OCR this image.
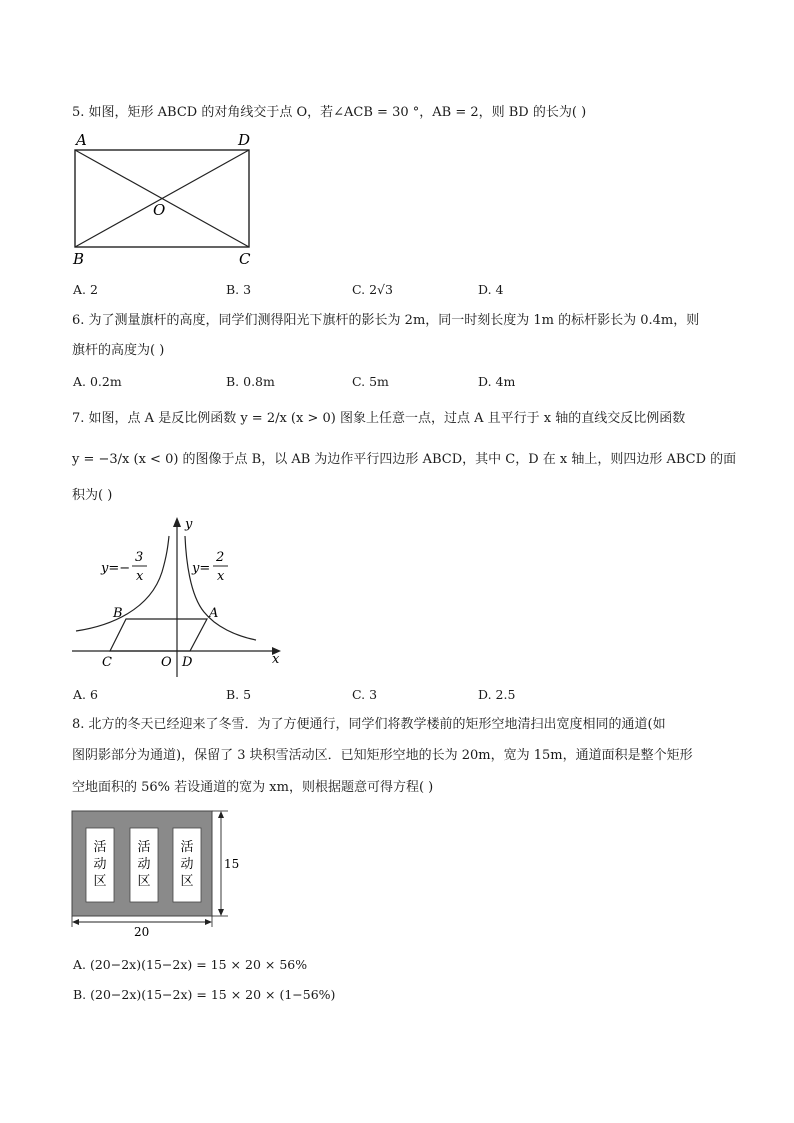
5. 如图，矩形 ABCD 的对角线交于点 O，若∠ACB = 30 °，AB = 2，则 BD 的长为( )
A	D
O
B	C
A. 2	B. 3	C. 2√3	D. 4
6. 为了测量旗杆的高度，同学们测得阳光下旗杆的影长为 2m，同一时刻长度为 1m 的标杆影长为 0.4m，则
旗杆的高度为( )
A. 0.2m	B. 0.8m	C. 5m	D. 4m
7. 如图，点 A 是反比例函数 y = 2/x (x > 0) 图象上任意一点，过点 A 且平行于 x 轴的直线交反比例函数
y = −3/x (x < 0) 的图像于点 B，以 AB 为边作平行四边形 ABCD，其中 C，D 在 x 轴上，则四边形 ABCD 的面
积为( )
y
x
y=−
3
x
y=
2
x
B	A
C	O D
A. 6	B. 5	C. 3	D. 2.5
8. 北方的冬天已经迎来了冬雪．为了方便通行，同学们将教学楼前的矩形空地清扫出宽度相同的通道(如
图阴影部分为通道)，保留了 3 块积雪活动区．已知矩形空地的长为 20m，宽为 15m，通道面积是整个矩形
空地面积的 56% 若设通道的宽为 xm，则根据题意可得方程( )
活
动
区
活
动
区
活
动
区
15
20
A. (20−2x)(15−2x) = 15 × 20 × 56%
B. (20−2x)(15−2x) = 15 × 20 × (1−56%)
